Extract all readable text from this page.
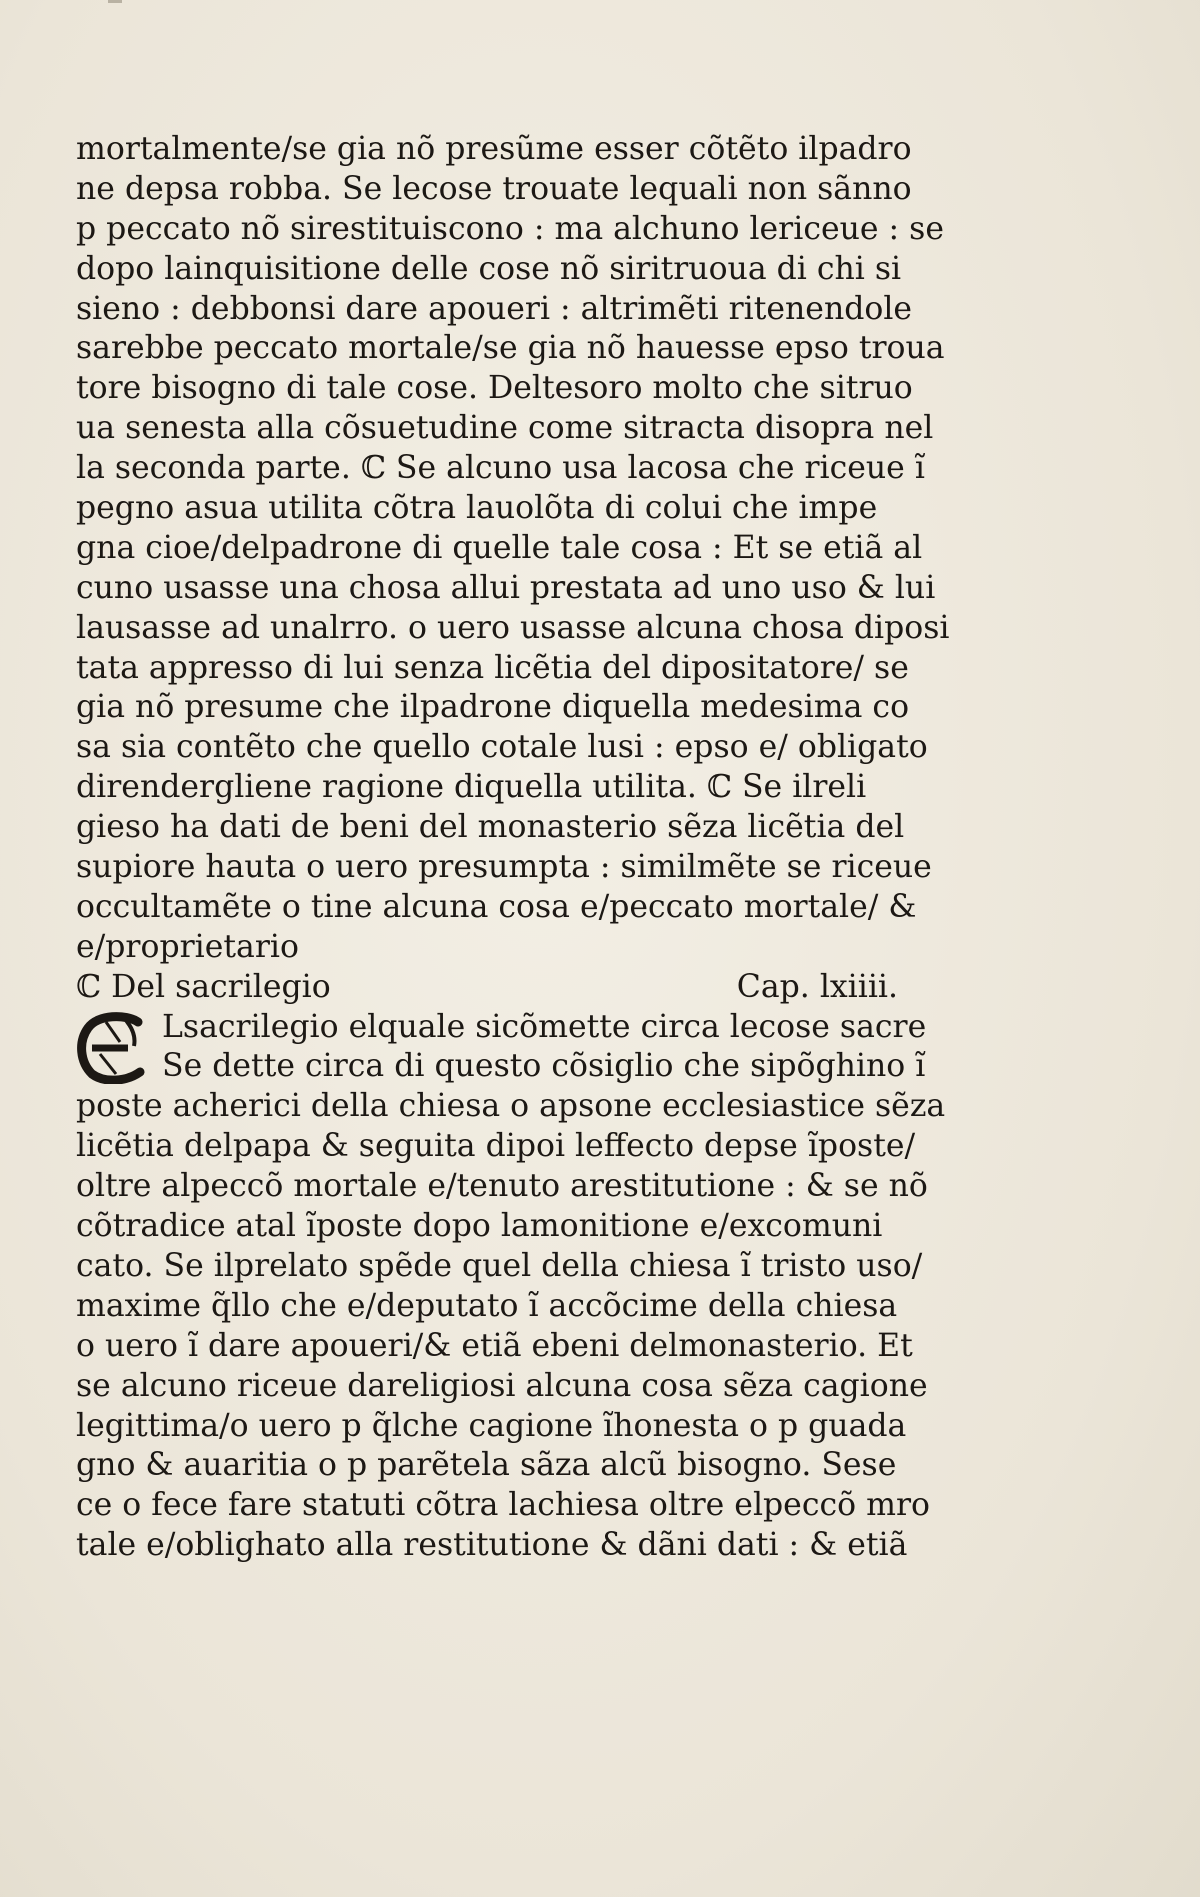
mortalmente/se gia nõ presũme esser cõtẽto ilpadro
ne depsa robba. Se lecose trouate lequali non sãnno
p peccato nõ sirestituiscono : ma alchuno lericeue : se
dopo lainquisitione delle cose nõ siritruoua di chi si
sieno : debbonsi dare apoueri : altrimẽti ritenendole
sarebbe peccato mortale/se gia nõ hauesse epso troua
tore bisogno di tale cose. Deltesoro molto che sitruo
ua senesta alla cõsuetudine come sitracta disopra nel
la seconda parte. ℂ Se alcuno usa lacosa che riceue ĩ
pegno asua utilita cõtra lauolõta di colui che impe
gna cioe/delpadrone di quelle tale cosa : Et se etiã al
cuno usasse una chosa allui prestata ad uno uso & lui
lausasse ad unalrro. o uero usasse alcuna chosa diposi
tata appresso di lui senza licẽtia del dipositatore/ se
gia nõ presume che ilpadrone diquella medesima co
sa sia contẽto che quello cotale lusi : epso e/ obligato
direndergliene ragione diquella utilita. ℂ Se ilreli
gieso ha dati de beni del monasterio sẽza licẽtia del
supiore hauta o uero presumpta : similmẽte se riceue
occultamẽte o tine alcuna cosa e/peccato mortale/ &
e/proprietario
ℂ Del sacrilegio	Cap. lxiiii.
Lsacrilegio elquale sicõmette circa lecose sacre
Se dette circa di questo cõsiglio che sipõghino ĩ
poste acherici della chiesa o apsone ecclesiastice sẽza
licẽtia delpapa & seguita dipoi leffecto depse ĩposte/
oltre alpeccõ mortale e/tenuto arestitutione : & se nõ
cõtradice atal ĩposte dopo lamonitione e/excomuni
cato. Se ilprelato spẽde quel della chiesa ĩ tristo uso/
maxime q̃llo che e/deputato ĩ accõcime della chiesa
o uero ĩ dare apoueri/& etiã ebeni delmonasterio. Et
se alcuno riceue dareligiosi alcuna cosa sẽza cagione
legittima/o uero p q̃lche cagione ĩhonesta o p guada
gno & auaritia o p parẽtela sãza alcũ bisogno. Sese
ce o fece fare statuti cõtra lachiesa oltre elpeccõ mro
tale e/oblighato alla restitutione & dãni dati : & etiã
